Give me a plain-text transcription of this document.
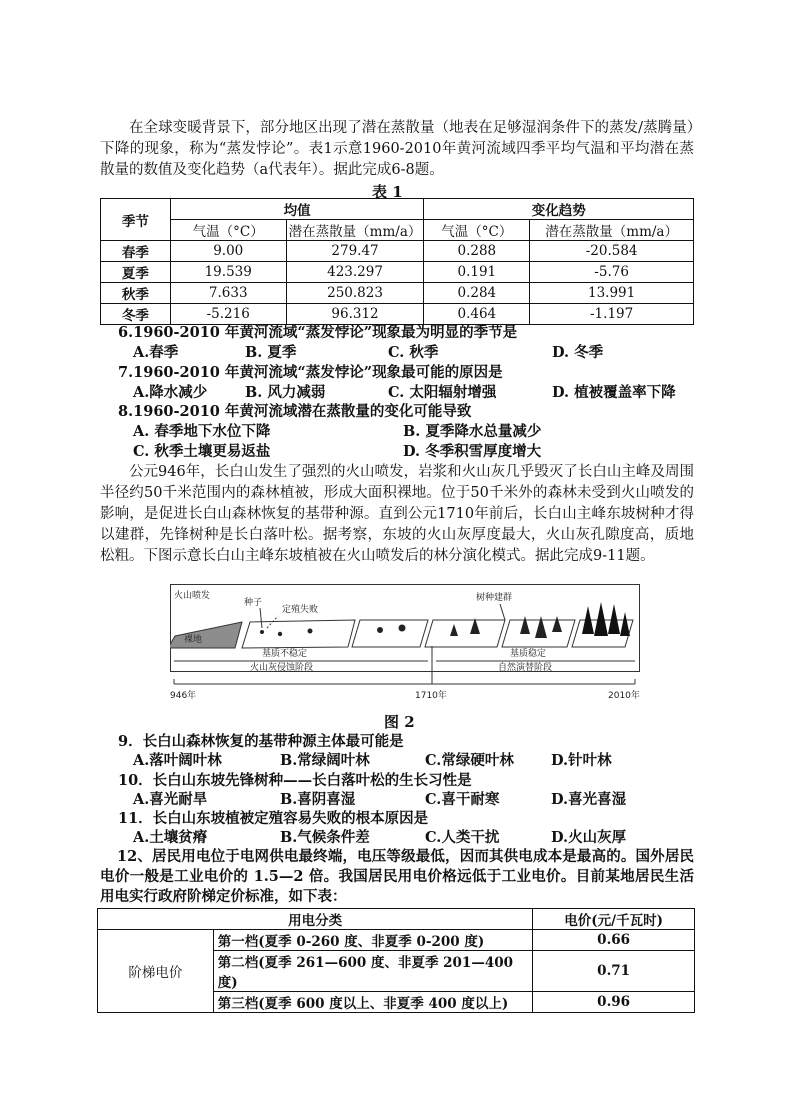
在全球变暖背景下，部分地区出现了潜在蒸散量（地表在足够湿润条件下的蒸发/蒸腾量）下降的现象，称为“蒸发悖论”。表1示意1960-2010年黄河流域四季平均气温和平均潜在蒸散量的数值及变化趋势（a代表年）。据此完成6-8题。

表 1
季节	均值		变化趋势	
	气温（°C）	潜在蒸散量（mm/a）	气温（°C）	潜在蒸散量（mm/a）
春季	9.00	279.47	0.288	-20.584
夏季	19.539	423.297	0.191	-5.76
秋季	7.633	250.823	0.284	13.991
冬季	-5.216	96.312	0.464	-1.197
6.1960-2010 年黄河流域“蒸发悖论”现象最为明显的季节是
A.春季	B. 夏季	C. 秋季	D. 冬季
7.1960-2010 年黄河流域“蒸发悖论”现象最可能的原因是
A.降水减少	B. 风力减弱	C. 太阳辐射增强	D. 植被覆盖率下降
8.1960-2010 年黄河流域潜在蒸散量的变化可能导致
A. 春季地下水位下降	B. 夏季降水总量减少
C. 秋季土壤更易返盐	D. 冬季积雪厚度增大

公元946年，长白山发生了强烈的火山喷发，岩浆和火山灰几乎毁灭了长白山主峰及周围半径约50千米范围内的森林植被，形成大面积裸地。位于50千米外的森林未受到火山喷发的影响，是促进长白山森林恢复的基带种源。直到公元1710年前后，长白山主峰东坡树种才得以建群，先锋树种是长白落叶松。据考察，东坡的火山灰厚度最大，火山灰孔隙度高，质地松粗。下图示意长白山主峰东坡植被在火山喷发后的林分演化模式。据此完成9-11题。

火山喷发
裸地
种子
定殖失败
树种建群
基质不稳定
火山灰侵蚀阶段
基质稳定
自然演替阶段
946年	1710年	2010年
图 2
9．长白山森林恢复的基带种源主体最可能是
A.落叶阔叶林	B.常绿阔叶林	C.常绿硬叶林	D.针叶林
10．长白山东坡先锋树种——长白落叶松的生长习性是
A.喜光耐旱	B.喜阴喜湿	C.喜干耐寒	D.喜光喜湿
11．长白山东坡植被定殖容易失败的根本原因是
A.土壤贫瘠	B.气候条件差	C.人类干扰	D.火山灰厚

12、居民用电位于电网供电最终端，电压等级最低，因而其供电成本是最高的。国外居民电价一般是工业电价的 1.5—2 倍。我国居民用电价格远低于工业电价。目前某地居民生活用电实行政府阶梯定价标准，如下表：

用电分类		电价(元/千瓦时)
阶梯电价	第一档(夏季 0-260 度、非夏季 0-200 度)	0.66
	第二档(夏季 261—600 度、非夏季 201—400 度)	0.71
	第三档(夏季 600 度以上、非夏季 400 度以上)	0.96
